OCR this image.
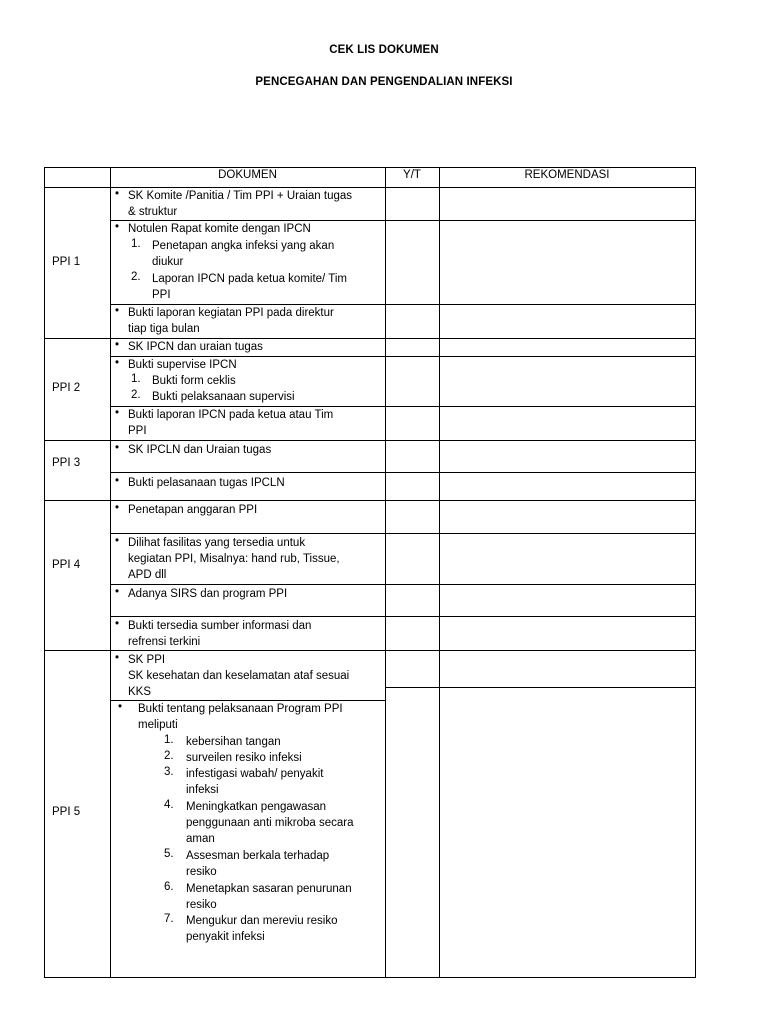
CEK LIS DOKUMEN
PENCEGAHAN DAN PENGENDALIAN INFEKSI
DOKUMEN	Y/T	REKOMENDASI
PPI 1
PPI 2
PPI 3
PPI 4
PPI 5
• SK Komite /Panitia / Tim PPI + Uraian tugas
& struktur
• Notulen Rapat komite dengan IPCN
1. Penetapan angka infeksi yang akan
diukur
2. Laporan IPCN pada ketua komite/ Tim
PPI
• Bukti laporan kegiatan PPI pada direktur
tiap tiga bulan
• SK IPCN dan uraian tugas
• Bukti supervise IPCN
1. Bukti form ceklis
2. Bukti pelaksanaan supervisi
• Bukti laporan IPCN pada ketua atau Tim
PPI
• SK IPCLN dan Uraian tugas
• Bukti pelasanaan tugas IPCLN
• Penetapan anggaran PPI
• Dilihat fasilitas yang tersedia untuk
kegiatan PPI, Misalnya: hand rub, Tissue,
APD dll
• Adanya SIRS dan program PPI
• Bukti tersedia sumber informasi dan
refrensi terkini
• SK PPI
SK kesehatan dan keselamatan ataf sesuai
KKS
• Bukti tentang pelaksanaan Program PPI
meliputi
1. kebersihan tangan
2. surveilen resiko infeksi
3. infestigasi wabah/ penyakit
infeksi
4. Meningkatkan pengawasan
penggunaan anti mikroba secara
aman
5. Assesman berkala terhadap
resiko
6. Menetapkan sasaran penurunan
resiko
7. Mengukur dan mereviu resiko
penyakit infeksi
